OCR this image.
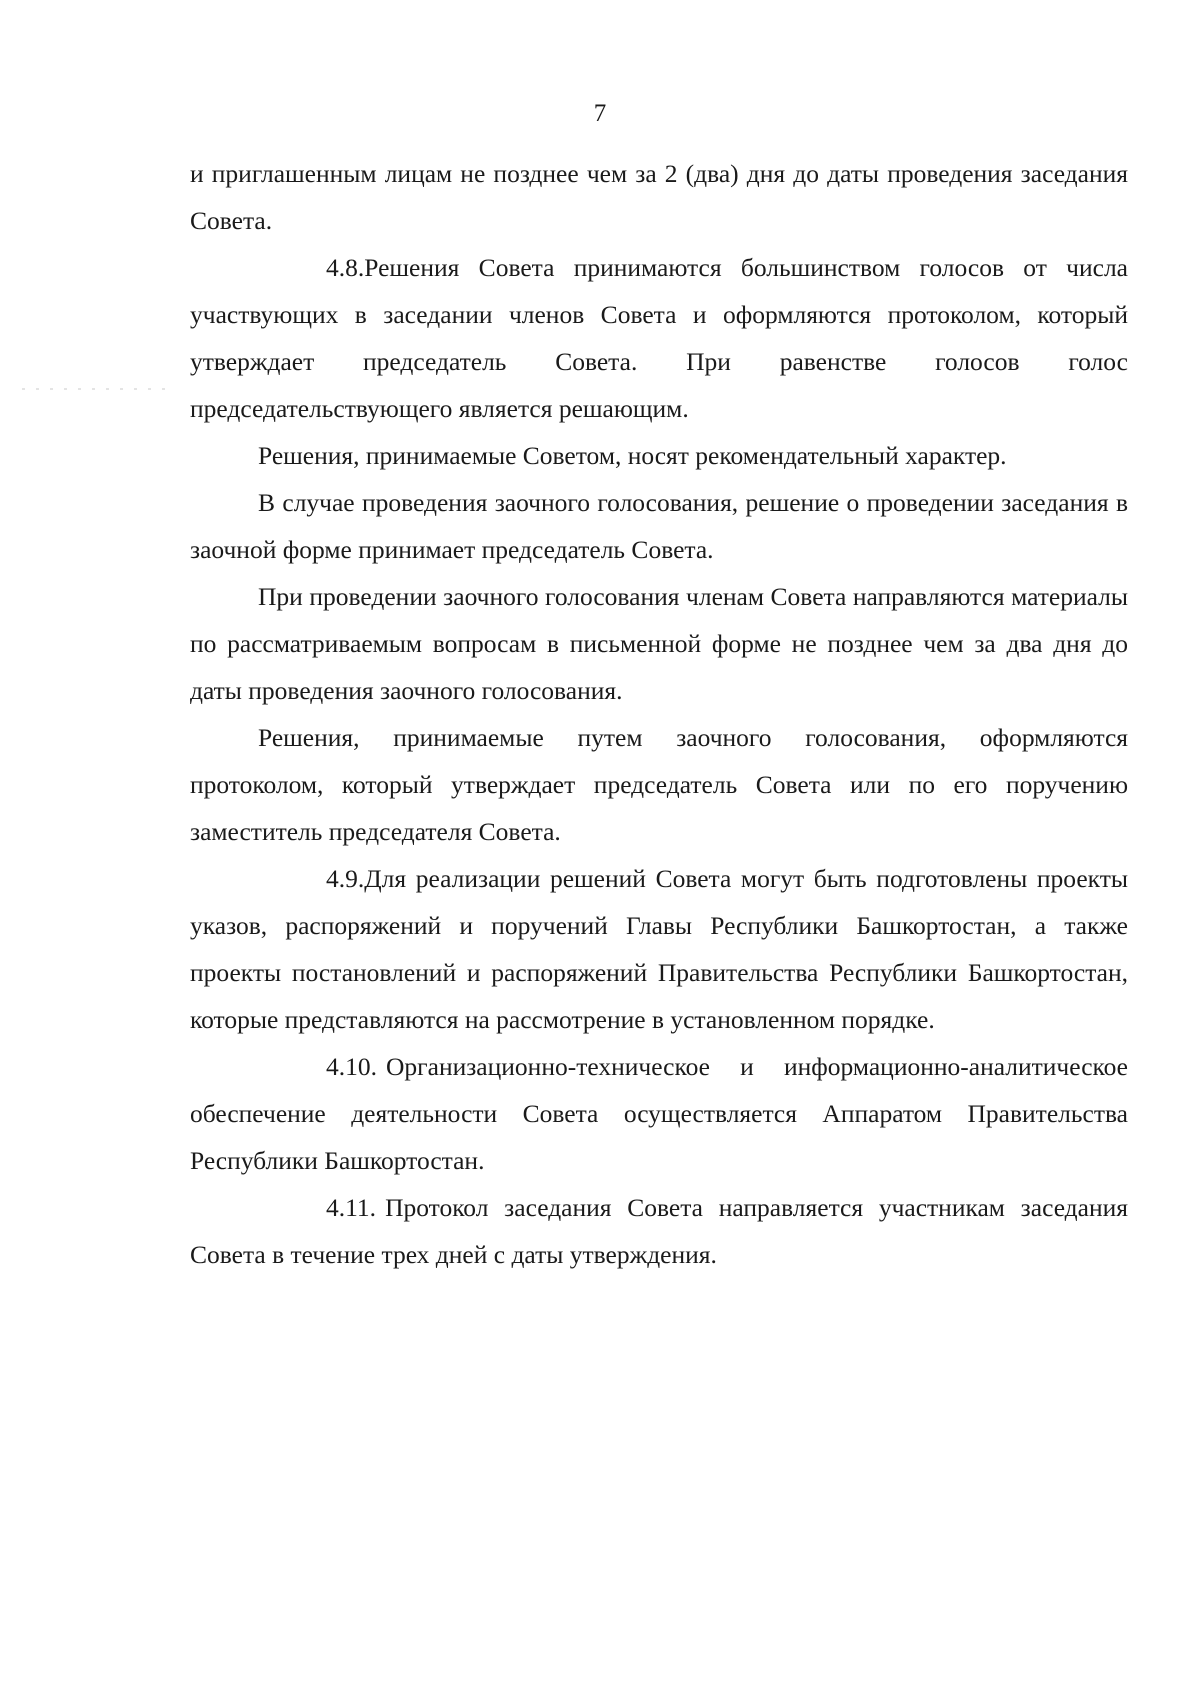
7

и приглашенным лицам не позднее чем за 2 (два) дня до даты проведения заседания Совета.

4.8.Решения Совета принимаются большинством голосов от числа участвующих в заседании членов Совета и оформляются протоколом, который утверждает председатель Совета. При равенстве голосов голос председательствующего является решающим.

Решения, принимаемые Советом, носят рекомендательный характер.

В случае проведения заочного голосования, решение о проведении заседания в заочной форме принимает председатель Совета.

При проведении заочного голосования членам Совета направляются материалы по рассматриваемым вопросам в письменной форме не позднее чем за два дня до даты проведения заочного голосования.

Решения, принимаемые путем заочного голосования, оформляются протоколом, который утверждает председатель Совета или по его поручению заместитель председателя Совета.

4.9.Для реализации решений Совета могут быть подготовлены проекты указов, распоряжений и поручений Главы Республики Башкортостан, а также проекты постановлений и распоряжений Правительства Республики Башкортостан, которые представляются на рассмотрение в установленном порядке.

4.10. Организационно-техническое и информационно-аналитическое обеспечение деятельности Совета осуществляется Аппаратом Правительства Республики Башкортостан.

4.11. Протокол заседания Совета направляется участникам заседания Совета в течение трех дней с даты утверждения.
